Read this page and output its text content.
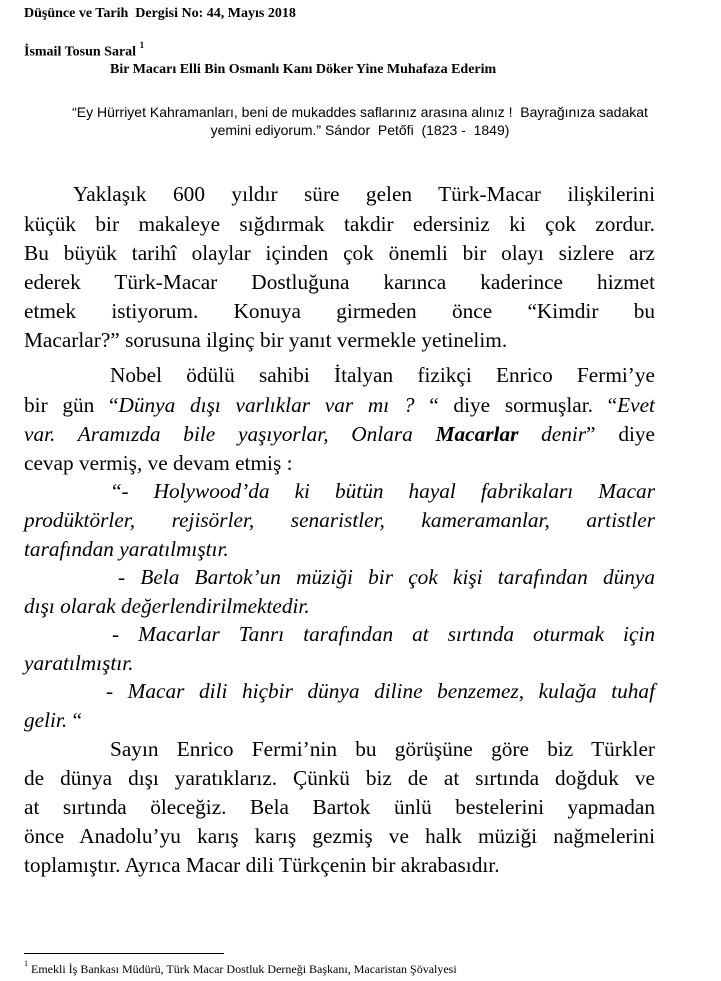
Düşünce ve Tarih  Dergisi No: 44, Mayıs 2018
İsmail Tosun Saral $^1$
Bir Macarı Elli Bin Osmanlı Kanı Döker Yine Muhafaza Ederim
“Ey Hürriyet Kahramanları, beni de mukaddes saflarınız arasına alınız !  Bayrağınıza sadakat
yemini ediyorum.” Sándor  Petőfi  (1823 -  1849)
Yaklaşık 600 yıldır süre gelen Türk-Macar ilişkilerini
küçük bir makaleye sığdırmak takdir edersiniz ki çok zordur.
Bu büyük tarihî olaylar içinden çok önemli bir olayı sizlere arz
ederek Türk-Macar Dostluğuna karınca kaderince hizmet
etmek istiyorum. Konuya girmeden önce “Kimdir bu
Macarlar?” sorusuna ilginç bir yanıt vermekle yetinelim.
Nobel ödülü sahibi İtalyan fizikçi Enrico Fermi’ye
bir gün “Dünya dışı varlıklar var mı ? “ diye sormuşlar. “Evet
var. Aramızda bile yaşıyorlar, Onlara Macarlar denir” diye
cevap vermiş, ve devam etmiş :
“- Holywood’da ki bütün hayal fabrikaları Macar
prodüktörler, rejisörler, senaristler, kameramanlar, artistler
tarafından yaratılmıştır.
- Bela Bartok’un müziği bir çok kişi tarafından dünya
dışı olarak değerlendirilmektedir.
- Macarlar Tanrı tarafından at sırtında oturmak için
yaratılmıştır.
- Macar dili hiçbir dünya diline benzemez, kulağa tuhaf
gelir. “
Sayın Enrico Fermi’nin bu görüşüne göre biz Türkler
de dünya dışı yaratıklarız. Çünkü biz de at sırtında doğduk ve
at sırtında öleceğiz. Bela Bartok ünlü bestelerini yapmadan
önce Anadolu’yu karış karış gezmiş ve halk müziği nağmelerini
toplamıştır. Ayrıca Macar dili Türkçenin bir akrabasıdır.
$^1$ Emekli İş Bankası Müdürü, Türk Macar Dostluk Derneği Başkanı, Macaristan Şövalyesi
